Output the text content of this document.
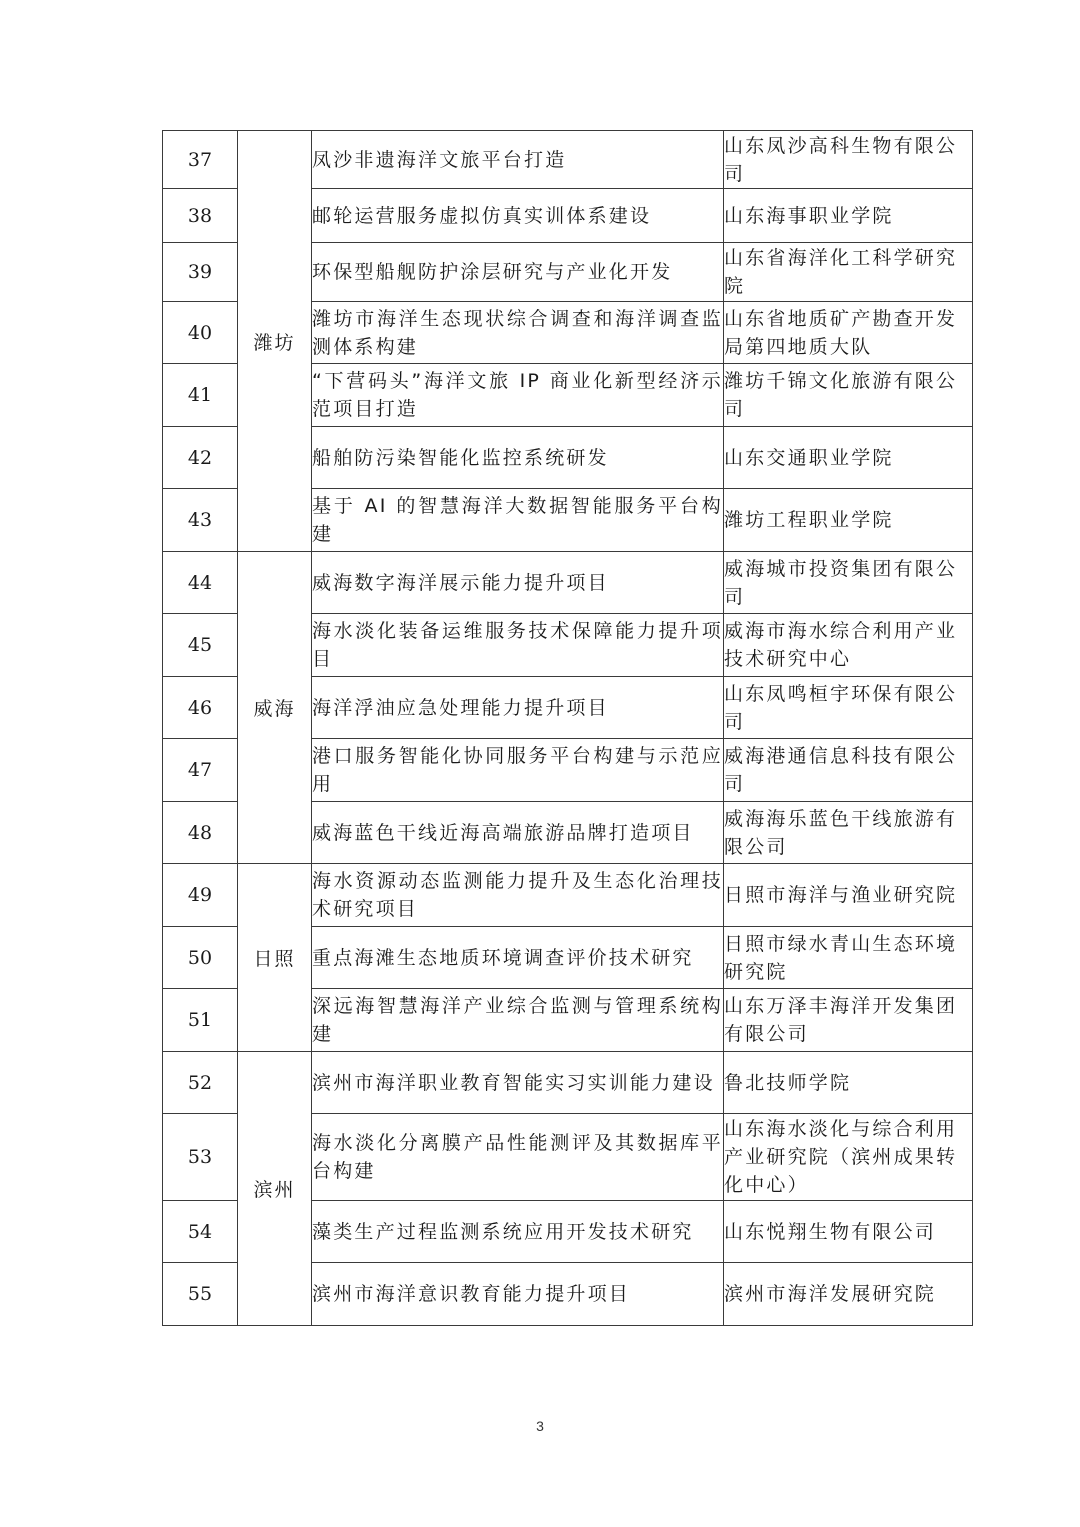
37	潍坊	凤沙非遗海洋文旅平台打造	山东凤沙高科生物有限公司
38		邮轮运营服务虚拟仿真实训体系建设	山东海事职业学院
39		环保型船舰防护涂层研究与产业化开发	山东省海洋化工科学研究院
40		潍坊市海洋生态现状综合调查和海洋调查监测体系构建	山东省地质矿产勘查开发局第四地质大队
41		“下营码头”海洋文旅 IP 商业化新型经济示范项目打造	潍坊千锦文化旅游有限公司
42		船舶防污染智能化监控系统研发	山东交通职业学院
43		基于 AI 的智慧海洋大数据智能服务平台构建	潍坊工程职业学院
44	威海	威海数字海洋展示能力提升项目	威海城市投资集团有限公司
45		海水淡化装备运维服务技术保障能力提升项目	威海市海水综合利用产业技术研究中心
46		海洋浮油应急处理能力提升项目	山东凤鸣桓宇环保有限公司
47		港口服务智能化协同服务平台构建与示范应用	威海港通信息科技有限公司
48		威海蓝色干线近海高端旅游品牌打造项目	威海海乐蓝色干线旅游有限公司
49	日照	海水资源动态监测能力提升及生态化治理技术研究项目	日照市海洋与渔业研究院
50		重点海滩生态地质环境调查评价技术研究	日照市绿水青山生态环境研究院
51		深远海智慧海洋产业综合监测与管理系统构建	山东万泽丰海洋开发集团有限公司
52	滨州	滨州市海洋职业教育智能实习实训能力建设	鲁北技师学院
53		海水淡化分离膜产品性能测评及其数据库平台构建	山东海水淡化与综合利用产业研究院（滨州成果转化中心）
54		藻类生产过程监测系统应用开发技术研究	山东悦翔生物有限公司
55		滨州市海洋意识教育能力提升项目	滨州市海洋发展研究院
3
